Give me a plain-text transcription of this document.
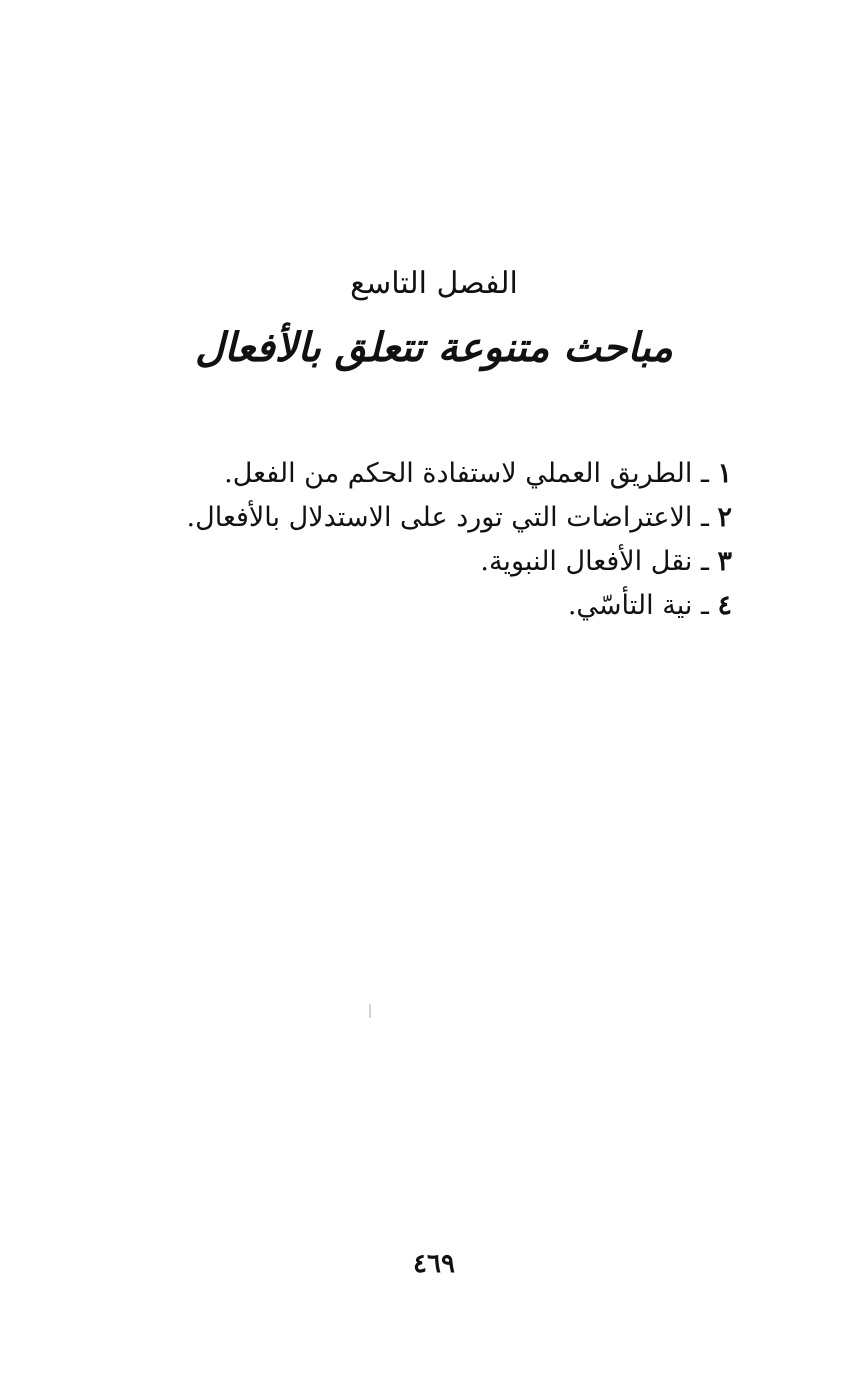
الفصل التاسع
مباحث متنوعة تتعلق بالأفعال
١ ـ الطريق العملي لاستفادة الحكم من الفعل.
٢ ـ الاعتراضات التي تورد على الاستدلال بالأفعال.
٣ ـ نقل الأفعال النبوية.
٤ ـ نية التأسّي.
٤٦٩
